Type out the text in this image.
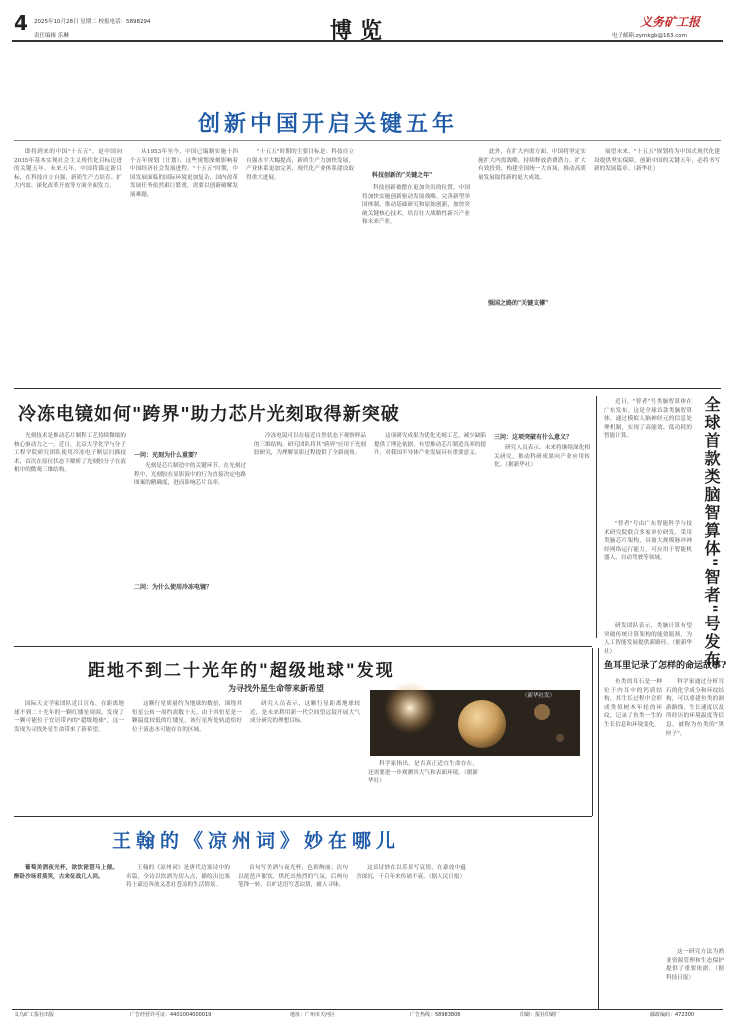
4 2025年10月28日 星期二 校报电话：5898294
责任编辑 乐琳	博览	义务矿工报
电子邮箱:zymkgb@163.com
创新中国开启关键五年
即将到来的中国"十五五"，是中国向2035年基本实现社会主义现代化目标迈进的关键五年。未来五年，中国将锚定新目标，在科技自立自强、新质生产力培育、扩大内需、深化改革开放等方面全面发力。
从1953年至今，中国已编制实施十四个五年规划（计划），这些规划深刻影响着中国经济社会发展进程。"十五五"时期，中国发展面临的国际环境更加复杂，国内改革发展任务依然艰巨繁重，需要以创新破解发展难题。
"十五五"时期的主要目标是：科技自立自强水平大幅提高，新质生产力加快发展，产业体系更加完善，现代化产业体系建设取得重大进展。	科技创新的"关键之年"
科技创新被摆在更加突出的位置。中国将加快实施创新驱动发展战略，完善新型举国体制，推动基础研究和原始创新，加快突破关键核心技术，培育壮大战略性新兴产业和未来产业。
强国之路的"关键支撑"
此外，在扩大内需方面，中国将坚定实施扩大内需战略，持续释放消费潜力，扩大有效投资，构建全国统一大市场，推动高质量发展取得新的更大成效。
展望未来，"十五五"规划将为中国式现代化建设提供坚实保障，创新中国的关键五年，必将书写新的发展篇章。（新华社）
冷冻电镜如何"跨界"助力芯片光刻取得新突破
光刻技术是推动芯片制程工艺持续微缩的核心驱动力之一。近日，北京大学化学与分子工程学院研究团队使用冷冻电子断层扫描技术，首次在原位状态下解析了光刻胶分子在液相中的微观三维结构。
一问：光刻为什么重要？
光刻是芯片制造中的关键环节。在光刻过程中，光刻胶在显影液中的行为直接决定电路图案的精确度，进而影响芯片良率。
二问：为什么使用冷冻电镜？
冷冻电镜可以在接近自然状态下观察样品的三维结构。研究团队将其"跨界"应用于光刻胶研究，为理解显影过程提供了全新视角。
这项研究成果为优化光刻工艺、减少缺陷提供了理论依据，有望推动芯片制造良率的提升，对我国半导体产业发展具有重要意义。
三问：这项突破有什么意义？
研究人员表示，未来将继续深化相关研究，推动科研成果向产业应用转化。（据新华社）	全球首款类脑智算体"智者"号发布
近日，"智者"号类脑智算体在广东发布。这是全球首款类脑智算体，通过模拟人脑神经元的信息处理机制，实现了高能效、低功耗的智能计算。
"智者"号由广东智能科学与技术研究院联合多家单位研发，采用类脑芯片架构，具备大规模脉冲神经网络运行能力，可应用于智能机器人、自动驾驶等领域。
研发团队表示，类脑计算有望突破传统计算架构的能效瓶颈，为人工智能发展提供新路径。（据新华社）
距地不到二十光年的"超级地球"发现
为寻找外星生命带来新希望
国际天文学家团队近日宣布，在距离地球不到二十光年的一颗红矮星周围，发现了一颗可能位于宜居带内的"超级地球"，这一发现为寻找外星生命带来了新希望。
这颗行星质量约为地球的数倍，围绕其恒星公转一周约需数十天。由于其恒星是一颗温度较低的红矮星，该行星所处轨道恰好位于液态水可能存在的区域。
研究人员表示，这颗行星距离地球较近，是未来利用新一代空间望远镜开展大气成分研究的理想目标。
科学家指出，是否真正适宜生命存在，还需要进一步观测其大气和表面环境。（据新华社）
（新华社发）
鱼耳里记录了怎样的命运故事?
鱼类的耳石是一种位于内耳中的钙质结构，其生长过程中会形成类似树木年轮的环纹，记录了鱼类一生的生长信息和环境变化。
科学家通过分析耳石的化学成分和环纹结构，可以重建鱼类的洄游路线、生长速度以及所经历的环境温度等信息，被称为鱼类的"黑匣子"。
这一研究方法为渔业资源管理和生态保护提供了重要依据。（据科技日报）
王翰的《凉州词》妙在哪儿
葡萄美酒夜光杯，欲饮琵琶马上催。醉卧沙场君莫笑，古来征战几人回。
王翰的《凉州词》是唐代边塞诗中的名篇，全诗以饮酒为切入点，描绘出边塞将士豪迈奔放又悲壮苍凉的生活情景。
首句写美酒与夜光杯，色彩绚丽；次句以琵琶声催饮，烘托出热烈的气氛。后两句笔锋一转，以旷达语写悲凉情，耐人寻味。
这首诗妙在以乐景写哀情，在豪放中蕴含深沉，千百年来传诵不衰。（据人民日报）
义乌矿工报社出版	广告经营许可证：4401004000019	地址：广州市天河区	广告热线：58983808	印刷：报社印刷厂	邮政编码：472300
